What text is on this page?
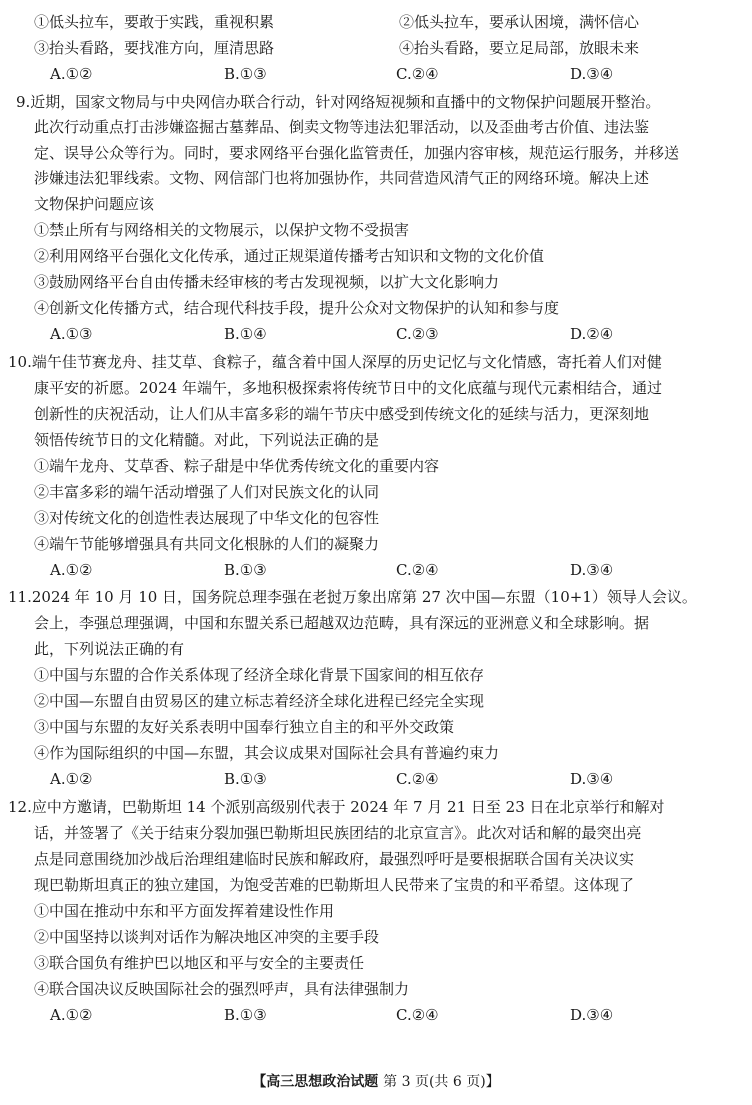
①低头拉车，要敢于实践，重视积累	②低头拉车，要承认困境，满怀信心
③抬头看路，要找准方向，厘清思路	④抬头看路，要立足局部，放眼未来
A.①②	B.①③	C.②④	D.③④
9.近期，国家文物局与中央网信办联合行动，针对网络短视频和直播中的文物保护问题展开整治。
此次行动重点打击涉嫌盗掘古墓葬品、倒卖文物等违法犯罪活动，以及歪曲考古价值、违法鉴
定、误导公众等行为。同时，要求网络平台强化监管责任，加强内容审核，规范运行服务，并移送
涉嫌违法犯罪线索。文物、网信部门也将加强协作，共同营造风清气正的网络环境。解决上述
文物保护问题应该
①禁止所有与网络相关的文物展示，以保护文物不受损害
②利用网络平台强化文化传承，通过正规渠道传播考古知识和文物的文化价值
③鼓励网络平台自由传播未经审核的考古发现视频，以扩大文化影响力
④创新文化传播方式，结合现代科技手段，提升公众对文物保护的认知和参与度
A.①③	B.①④	C.②③	D.②④
10.端午佳节赛龙舟、挂艾草、食粽子，蕴含着中国人深厚的历史记忆与文化情感，寄托着人们对健
康平安的祈愿。2024 年端午，多地积极探索将传统节日中的文化底蕴与现代元素相结合，通过
创新性的庆祝活动，让人们从丰富多彩的端午节庆中感受到传统文化的延续与活力，更深刻地
领悟传统节日的文化精髓。对此，下列说法正确的是
①端午龙舟、艾草香、粽子甜是中华优秀传统文化的重要内容
②丰富多彩的端午活动增强了人们对民族文化的认同
③对传统文化的创造性表达展现了中华文化的包容性
④端午节能够增强具有共同文化根脉的人们的凝聚力
A.①②	B.①③	C.②④	D.③④
11.2024 年 10 月 10 日，国务院总理李强在老挝万象出席第 27 次中国—东盟（10+1）领导人会议。
会上，李强总理强调，中国和东盟关系已超越双边范畴，具有深远的亚洲意义和全球影响。据
此，下列说法正确的有
①中国与东盟的合作关系体现了经济全球化背景下国家间的相互依存
②中国—东盟自由贸易区的建立标志着经济全球化进程已经完全实现
③中国与东盟的友好关系表明中国奉行独立自主的和平外交政策
④作为国际组织的中国—东盟，其会议成果对国际社会具有普遍约束力
A.①②	B.①③	C.②④	D.③④
12.应中方邀请，巴勒斯坦 14 个派别高级别代表于 2024 年 7 月 21 日至 23 日在北京举行和解对
话，并签署了《关于结束分裂加强巴勒斯坦民族团结的北京宣言》。此次对话和解的最突出亮
点是同意围绕加沙战后治理组建临时民族和解政府，最强烈呼吁是要根据联合国有关决议实
现巴勒斯坦真正的独立建国，为饱受苦难的巴勒斯坦人民带来了宝贵的和平希望。这体现了
①中国在推动中东和平方面发挥着建设性作用
②中国坚持以谈判对话作为解决地区冲突的主要手段
③联合国负有维护巴以地区和平与安全的主要责任
④联合国决议反映国际社会的强烈呼声，具有法律强制力
A.①②	B.①③	C.②④	D.③④
【高三思想政治试题 第 3 页(共 6 页)】
